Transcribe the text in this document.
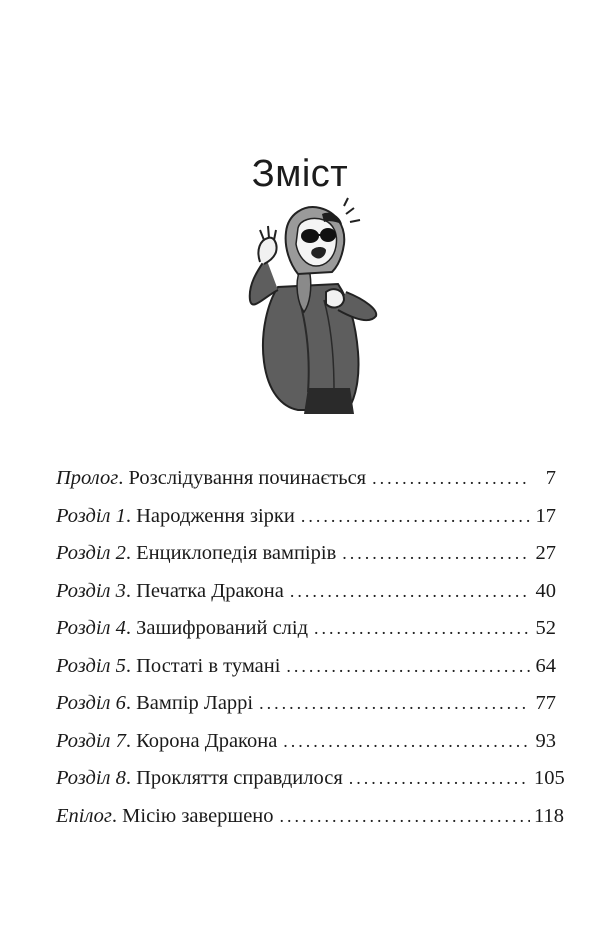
Зміст
Пролог . Розслідування починається .....	7
Розділ 1 . Народження зірки .....	17
Розділ 2 . Енциклопедія вампірів .....	27
Розділ 3 . Печатка Дракона .....	40
Розділ 4 . Зашифрований слід .....	52
Розділ 5 . Постаті в тумані .....	64
Розділ 6 . Вампір Ларрі .....	77
Розділ 7 . Корона Дракона .....	93
Розділ 8 . Прокляття справдилося .....	105
Епілог . Місію завершено .....	118
